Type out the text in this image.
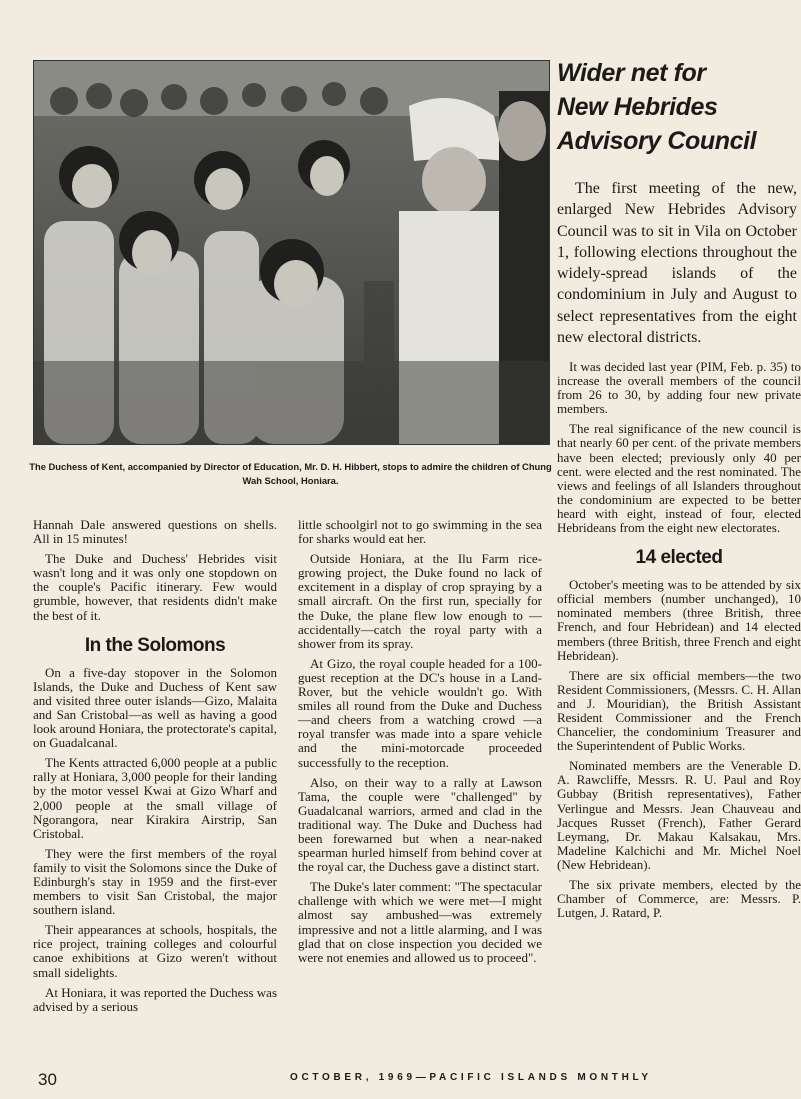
The Duchess of Kent, accompanied by Director of Education, Mr. D. H. Hibbert, stops to admire the children of Chung Wah School, Honiara.

Wider net for
New Hebrides
Advisory Council

The first meeting of the new, enlarged New Hebrides Advisory Council was to sit in Vila on October 1, following elections throughout the widely-spread islands of the condominium in July and August to select representatives from the eight new electoral districts.

Hannah Dale answered questions on shells. All in 15 minutes!

The Duke and Duchess' Hebrides visit wasn't long and it was only one stopdown on the couple's Pacific itinerary. Few would grumble, however, that residents didn't make the best of it.

In the Solomons

On a five-day stopover in the Solomon Islands, the Duke and Duchess of Kent saw and visited three outer islands—Gizo, Malaita and San Cristobal—as well as having a good look around Honiara, the protectorate's capital, on Guadalcanal.

The Kents attracted 6,000 people at a public rally at Honiara, 3,000 people for their landing by the motor vessel Kwai at Gizo Wharf and 2,000 people at the small village of Ngorangora, near Kirakira Airstrip, San Cristobal.

They were the first members of the royal family to visit the Solomons since the Duke of Edinburgh's stay in 1959 and the first-ever members to visit San Cristobal, the major southern island.

Their appearances at schools, hospitals, the rice project, training colleges and colourful canoe exhibitions at Gizo weren't without small sidelights.

At Honiara, it was reported the Duchess was advised by a serious

little schoolgirl not to go swimming in the sea for sharks would eat her.

Outside Honiara, at the Ilu Farm rice-growing project, the Duke found no lack of excitement in a display of crop spraying by a small aircraft. On the first run, specially for the Duke, the plane flew low enough to —accidentally—catch the royal party with a shower from its spray.

At Gizo, the royal couple headed for a 100-guest reception at the DC's house in a Land-Rover, but the vehicle wouldn't go. With smiles all round from the Duke and Duchess—and cheers from a watching crowd —a royal transfer was made into a spare vehicle and the mini-motorcade proceeded successfully to the reception.

Also, on their way to a rally at Lawson Tama, the couple were "challenged" by Guadalcanal warriors, armed and clad in the traditional way. The Duke and Duchess had been forewarned but when a near-naked spearman hurled himself from behind cover at the royal car, the Duchess gave a distinct start.

The Duke's later comment: "The spectacular challenge with which we were met—I might almost say ambushed—was extremely impressive and not a little alarming, and I was glad that on close inspection you decided we were not enemies and allowed us to proceed".

It was decided last year (PIM, Feb. p. 35) to increase the overall members of the council from 26 to 30, by adding four new private members.

The real significance of the new council is that nearly 60 per cent. of the private members have been elected; previously only 40 per cent. were elected and the rest nominated. The views and feelings of all Islanders throughout the condominium are expected to be better heard with eight, instead of four, elected Hebrideans from the eight new electorates.

14 elected

October's meeting was to be attended by six official members (number unchanged), 10 nominated members (three British, three French, and four Hebridean) and 14 elected members (three British, three French and eight Hebridean).

There are six official members—the two Resident Commissioners, (Messrs. C. H. Allan and J. Mouridian), the British Assistant Resident Commissioner and the French Chancelier, the condominium Treasurer and the Superintendent of Public Works.

Nominated members are the Venerable D. A. Rawcliffe, Messrs. R. U. Paul and Roy Gubbay (British representatives), Father Verlingue and Messrs. Jean Chauveau and Jacques Russet (French), Father Gerard Leymang, Dr. Makau Kalsakau, Mrs. Madeline Kalchichi and Mr. Michel Noel (New Hebridean).

The six private members, elected by the Chamber of Commerce, are: Messrs. P. Lutgen, J. Ratard, P.

30	OCTOBER, 1969—PACIFIC ISLANDS MONTHLY
